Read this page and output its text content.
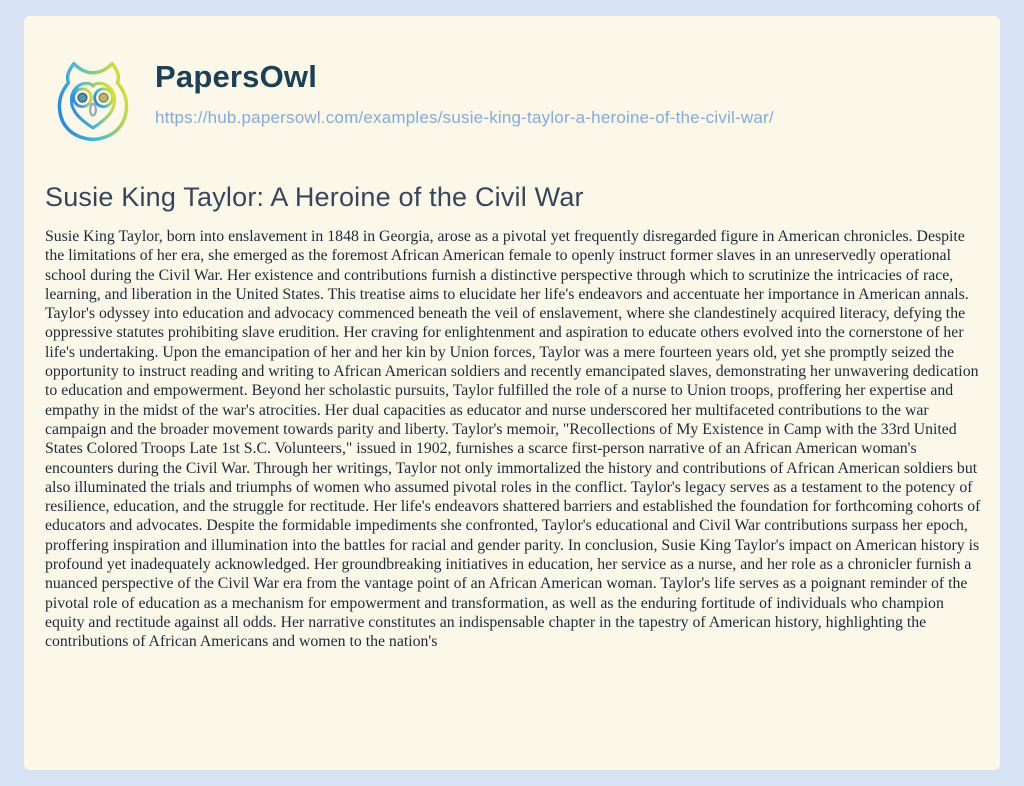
PapersOwl
https://hub.papersowl.com/examples/susie-king-taylor-a-heroine-of-the-civil-war/
Susie King Taylor: A Heroine of the Civil War

Susie King Taylor, born into enslavement in 1848 in Georgia, arose as a pivotal yet frequently disregarded figure in American chronicles. Despite the limitations of her era, she emerged as the foremost African American female to openly instruct former slaves in an unreservedly operational school during the Civil War. Her existence and contributions furnish a distinctive perspective through which to scrutinize the intricacies of race, learning, and liberation in the United States. This treatise aims to elucidate her life's endeavors and accentuate her importance in American annals. Taylor's odyssey into education and advocacy commenced beneath the veil of enslavement, where she clandestinely acquired literacy, defying the oppressive statutes prohibiting slave erudition. Her craving for enlightenment and aspiration to educate others evolved into the cornerstone of her life's undertaking. Upon the emancipation of her and her kin by Union forces, Taylor was a mere fourteen years old, yet she promptly seized the opportunity to instruct reading and writing to African American soldiers and recently emancipated slaves, demonstrating her unwavering dedication to education and empowerment. Beyond her scholastic pursuits, Taylor fulfilled the role of a nurse to Union troops, proffering her expertise and empathy in the midst of the war's atrocities. Her dual capacities as educator and nurse underscored her multifaceted contributions to the war campaign and the broader movement towards parity and liberty. Taylor's memoir, "Recollections of My Existence in Camp with the 33rd United States Colored Troops Late 1st S.C. Volunteers," issued in 1902, furnishes a scarce first-person narrative of an African American woman's encounters during the Civil War. Through her writings, Taylor not only immortalized the history and contributions of African American soldiers but also illuminated the trials and triumphs of women who assumed pivotal roles in the conflict. Taylor's legacy serves as a testament to the potency of resilience, education, and the struggle for rectitude. Her life's endeavors shattered barriers and established the foundation for forthcoming cohorts of educators and advocates. Despite the formidable impediments she confronted, Taylor's educational and Civil War contributions surpass her epoch, proffering inspiration and illumination into the battles for racial and gender parity. In conclusion, Susie King Taylor's impact on American history is profound yet inadequately acknowledged. Her groundbreaking initiatives in education, her service as a nurse, and her role as a chronicler furnish a nuanced perspective of the Civil War era from the vantage point of an African American woman. Taylor's life serves as a poignant reminder of the pivotal role of education as a mechanism for empowerment and transformation, as well as the enduring fortitude of individuals who champion equity and rectitude against all odds. Her narrative constitutes an indispensable chapter in the tapestry of American history, highlighting the contributions of African Americans and women to the nation's
